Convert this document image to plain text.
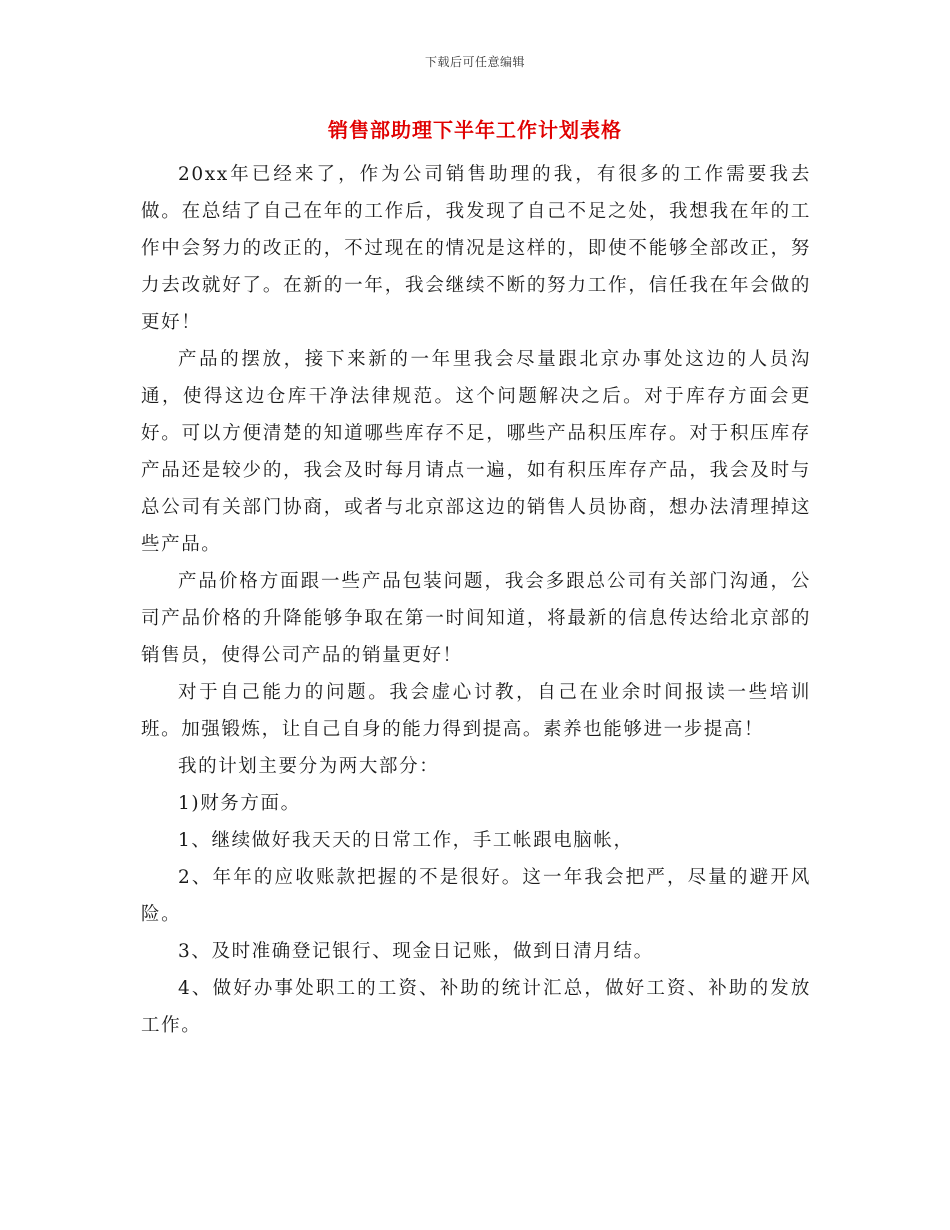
下载后可任意编辑
销售部助理下半年工作计划表格

20xx年已经来了，作为公司销售助理的我，有很多的工作需要我去做。在总结了自己在年的工作后，我发现了自己不足之处，我想我在年的工作中会努力的改正的，不过现在的情况是这样的，即使不能够全部改正，努力去改就好了。在新的一年，我会继续不断的努力工作，信任我在年会做的更好！

产品的摆放，接下来新的一年里我会尽量跟北京办事处这边的人员沟通，使得这边仓库干净法律规范。这个问题解决之后。对于库存方面会更好。可以方便清楚的知道哪些库存不足，哪些产品积压库存。对于积压库存产品还是较少的，我会及时每月请点一遍，如有积压库存产品，我会及时与总公司有关部门协商，或者与北京部这边的销售人员协商，想办法清理掉这些产品。

产品价格方面跟一些产品包装问题，我会多跟总公司有关部门沟通，公司产品价格的升降能够争取在第一时间知道，将最新的信息传达给北京部的销售员，使得公司产品的销量更好！

对于自己能力的问题。我会虚心讨教，自己在业余时间报读一些培训班。加强锻炼，让自己自身的能力得到提高。素养也能够进一步提高！

我的计划主要分为两大部分：

1)财务方面。

1、继续做好我天天的日常工作，手工帐跟电脑帐，

2、年年的应收账款把握的不是很好。这一年我会把严，尽量的避开风险。

3、及时准确登记银行、现金日记账，做到日清月结。

4、做好办事处职工的工资、补助的统计汇总，做好工资、补助的发放工作。
